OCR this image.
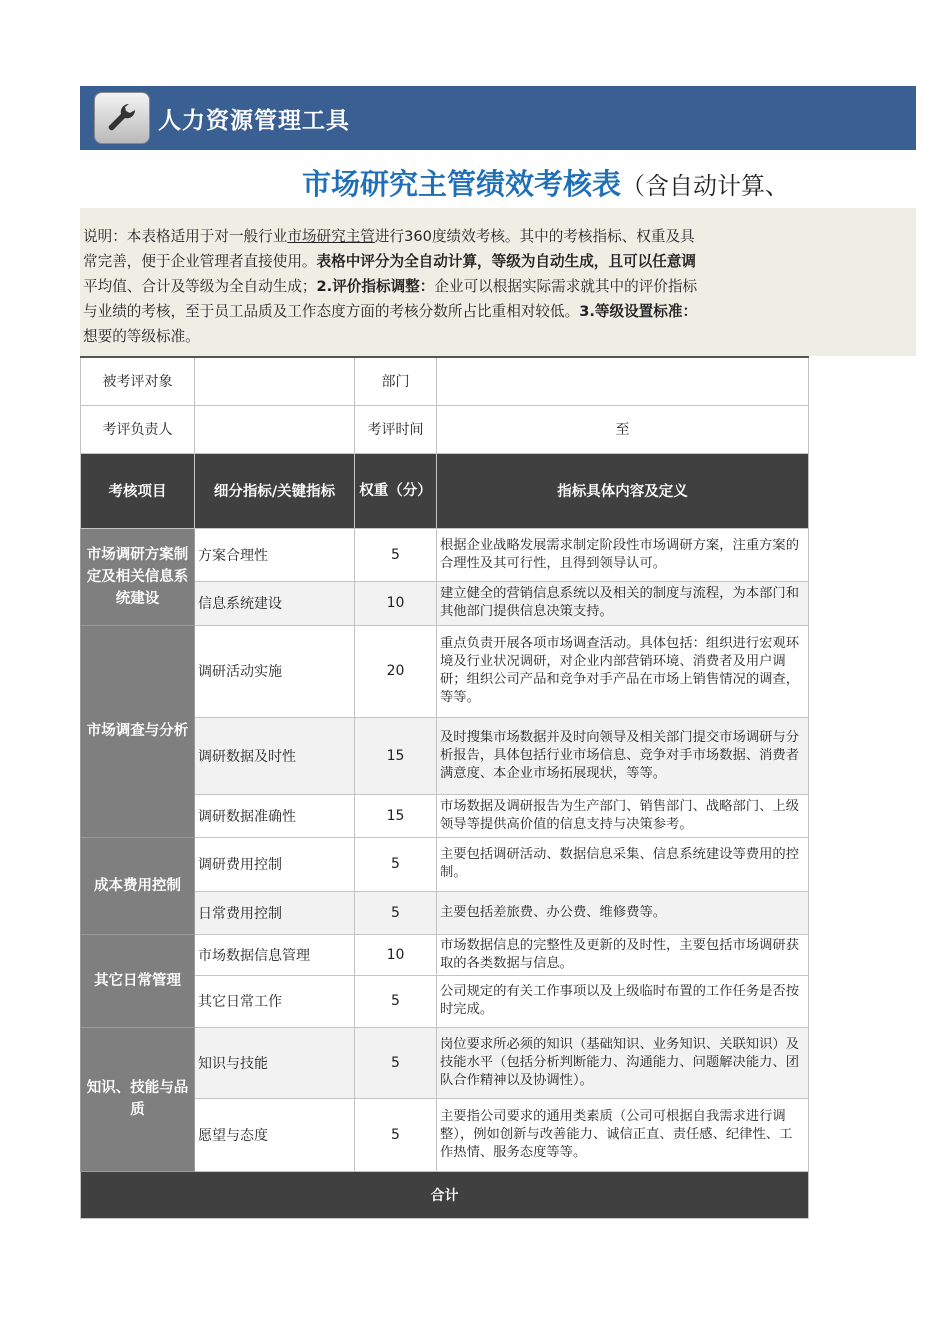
人力资源管理工具
市场研究主管绩效考核表（含自动计算、
说明：本表格适用于对一般行业市场研究主管进行360度绩效考核。其中的考核指标、权重及具
常完善，便于企业管理者直接使用。表格中评分为全自动计算，等级为自动生成，且可以任意调
平均值、合计及等级为全自动生成；2.评价指标调整：企业可以根据实际需求就其中的评价指标
与业绩的考核，至于员工品质及工作态度方面的考核分数所占比重相对较低。3.等级设置标准：
想要的等级标准。
被考评对象		部门	
考评负责人		考评时间	至
考核项目	细分指标/关键指标	权重（分）	指标具体内容及定义
市场调研方案制定及相关信息系统建设	方案合理性	5	根据企业战略发展需求制定阶段性市场调研方案，注重方案的合理性及其可行性，且得到领导认可。
	信息系统建设	10	建立健全的营销信息系统以及相关的制度与流程，为本部门和其他部门提供信息决策支持。
市场调查与分析	调研活动实施	20	重点负责开展各项市场调查活动。具体包括：组织进行宏观环境及行业状况调研，对企业内部营销环境、消费者及用户调研；组织公司产品和竞争对手产品在市场上销售情况的调查，等等。
	调研数据及时性	15	及时搜集市场数据并及时向领导及相关部门提交市场调研与分析报告，具体包括行业市场信息、竞争对手市场数据、消费者满意度、本企业市场拓展现状，等等。
	调研数据准确性	15	市场数据及调研报告为生产部门、销售部门、战略部门、上级领导等提供高价值的信息支持与决策参考。
成本费用控制	调研费用控制	5	主要包括调研活动、数据信息采集、信息系统建设等费用的控制。
	日常费用控制	5	主要包括差旅费、办公费、维修费等。
其它日常管理	市场数据信息管理	10	市场数据信息的完整性及更新的及时性，主要包括市场调研获取的各类数据与信息。
	其它日常工作	5	公司规定的有关工作事项以及上级临时布置的工作任务是否按时完成。
知识、技能与品质	知识与技能	5	岗位要求所必须的知识（基础知识、业务知识、关联知识）及技能水平（包括分析判断能力、沟通能力、问题解决能力、团队合作精神以及协调性）。
	愿望与态度	5	主要指公司要求的通用类素质（公司可根据自我需求进行调整），例如创新与改善能力、诚信正直、责任感、纪律性、工作热情、服务态度等等。
合计			
